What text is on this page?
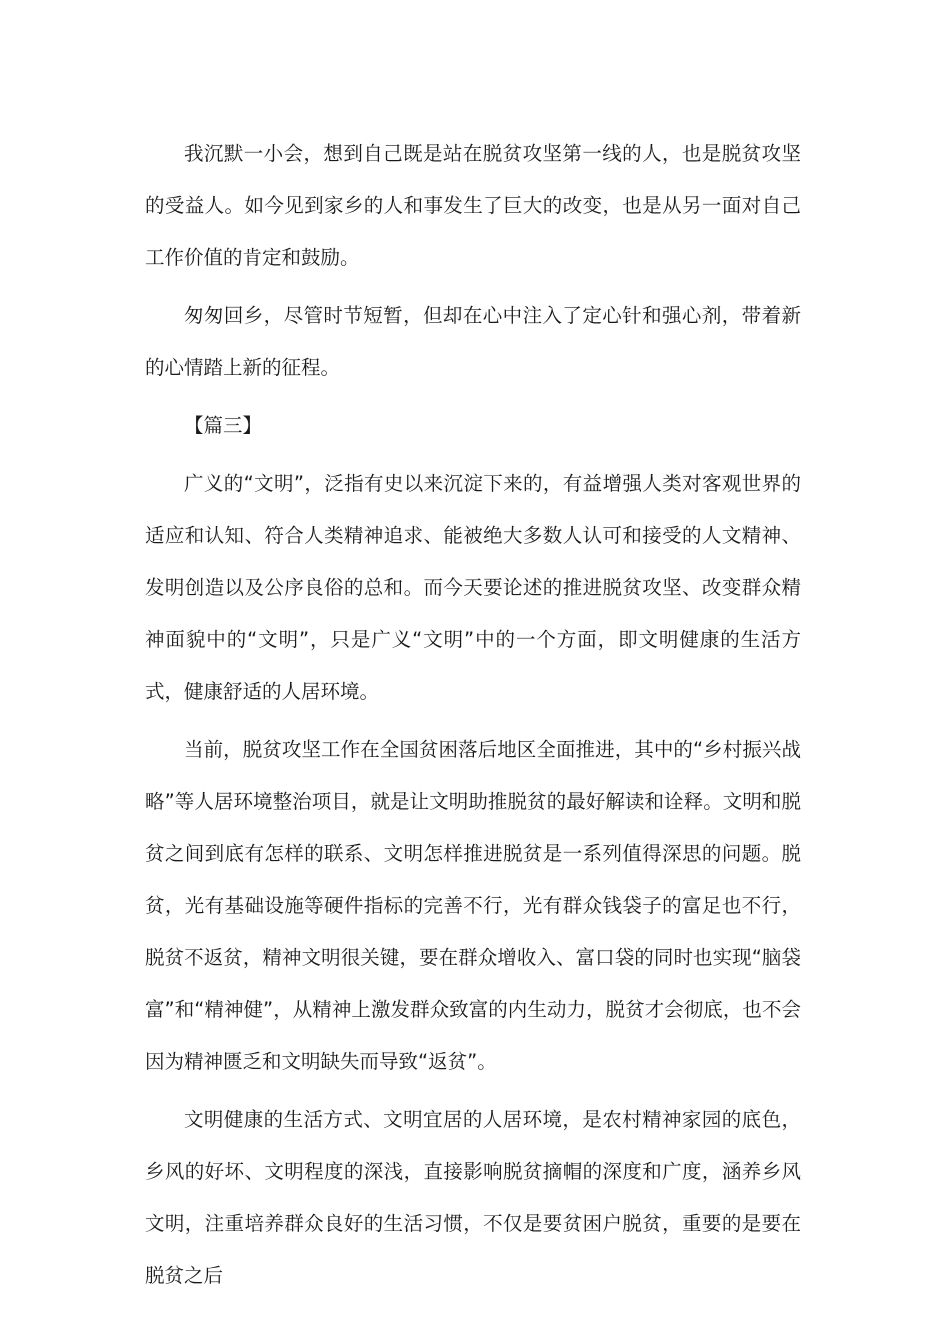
我沉默一小会，想到自己既是站在脱贫攻坚第一线的人，也是脱贫攻坚的受益人。如今见到家乡的人和事发生了巨大的改变，也是从另一面对自己工作价值的肯定和鼓励。

匆匆回乡，尽管时节短暂，但却在心中注入了定心针和强心剂，带着新的心情踏上新的征程。

【篇三】

广义的“文明”，泛指有史以来沉淀下来的，有益增强人类对客观世界的适应和认知、符合人类精神追求、能被绝大多数人认可和接受的人文精神、发明创造以及公序良俗的总和。而今天要论述的推进脱贫攻坚、改变群众精神面貌中的“文明”，只是广义“文明”中的一个方面，即文明健康的生活方式，健康舒适的人居环境。

当前，脱贫攻坚工作在全国贫困落后地区全面推进，其中的“乡村振兴战略”等人居环境整治项目，就是让文明助推脱贫的最好解读和诠释。文明和脱贫之间到底有怎样的联系、文明怎样推进脱贫是一系列值得深思的问题。脱贫，光有基础设施等硬件指标的完善不行，光有群众钱袋子的富足也不行，脱贫不返贫，精神文明很关键，要在群众增收入、富口袋的同时也实现“脑袋富”和“精神健”，从精神上激发群众致富的内生动力，脱贫才会彻底，也不会因为精神匮乏和文明缺失而导致“返贫”。

文明健康的生活方式、文明宜居的人居环境，是农村精神家园的底色，乡风的好坏、文明程度的深浅，直接影响脱贫摘帽的深度和广度，涵养乡风文明，注重培养群众良好的生活习惯，不仅是要贫困户脱贫，重要的是要在脱贫之后
